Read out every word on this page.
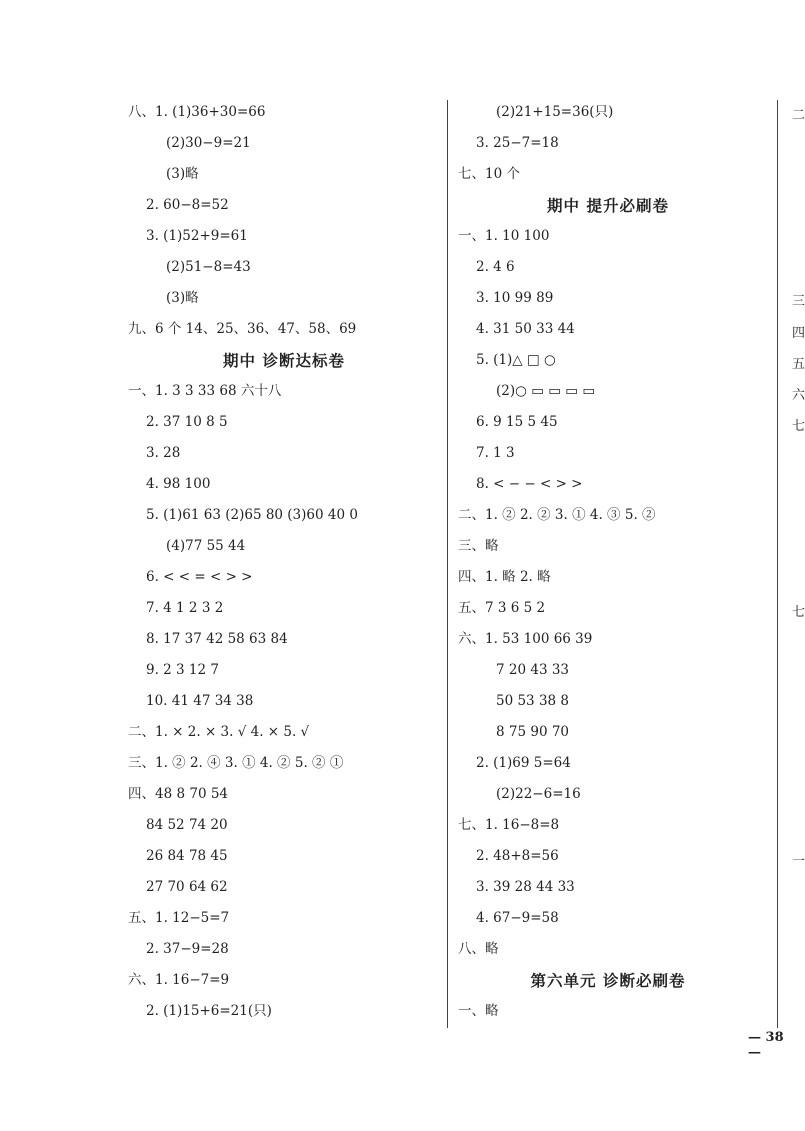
八、1. (1)36+30=66
(2)30−9=21
(3)略
2. 60−8=52
3. (1)52+9=61
(2)51−8=43
(3)略
九、6 个 14、25、36、47、58、69
期中 诊断达标卷
一、1. 3 3 33 68 六十八
2. 37 10 8 5
3. 28
4. 98 100
5. (1)61 63 (2)65 80 (3)60 40 0
(4)77 55 44
6. < < = < > >
7. 4 1 2 3 2
8. 17 37 42 58 63 84
9. 2 3 12 7
10. 41 47 34 38
二、1. × 2. × 3. √ 4. × 5. √
三、1. ② 2. ④ 3. ① 4. ② 5. ② ①
四、48 8 70 54
84 52 74 20
26 84 78 45
27 70 64 62
五、1. 12−5=7
2. 37−9=28
六、1. 16−7=9
2. (1)15+6=21(只)
(2)21+15=36(只)
3. 25−7=18
七、10 个
期中 提升必刷卷
一、1. 10 100
2. 4 6
3. 10 99 89
4. 31 50 33 44
5. (1)△ □ ○
(2)○ ▭ ▭ ▭ ▭
6. 9 15 5 45
7. 1 3
8. < − − < > >
二、1. ② 2. ② 3. ① 4. ③ 5. ②
三、略
四、1. 略 2. 略
五、7 3 6 5 2
六、1. 53 100 66 39
7 20 43 33
50 53 38 8
8 75 90 70
2. (1)69 5=64
(2)22−6=16
七、1. 16−8=8
2. 48+8=56
3. 39 28 44 33
4. 67−9=58
八、略
第六单元 诊断必刷卷
一、略
二
三
四
五
六
七
七
一
— 38 —
